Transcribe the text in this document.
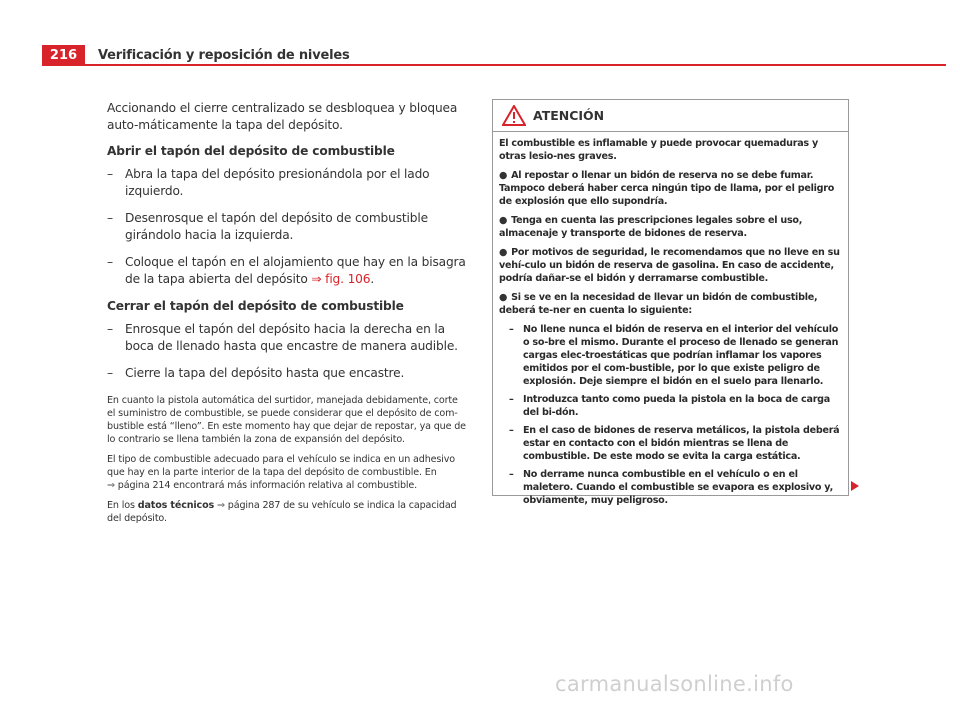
216	Verificación y reposición de niveles

Accionando el cierre centralizado se desbloquea y bloquea auto-máticamente la tapa del depósito.

Abrir el tapón del depósito de combustible

– Abra la tapa del depósito presionándola por el lado izquierdo.
– Desenrosque el tapón del depósito de combustible girándolo hacia la izquierda.
– Coloque el tapón en el alojamiento que hay en la bisagra de la tapa abierta del depósito ⇒ fig. 106.

Cerrar el tapón del depósito de combustible

– Enrosque el tapón del depósito hacia la derecha en la boca de llenado hasta que encastre de manera audible.
– Cierre la tapa del depósito hasta que encastre.

En cuanto la pistola automática del surtidor, manejada debidamente, corte el suministro de combustible, se puede considerar que el depósito de com-bustible está “lleno”. En este momento hay que dejar de repostar, ya que de lo contrario se llena también la zona de expansión del depósito.

El tipo de combustible adecuado para el vehículo se indica en un adhesivo que hay en la parte interior de la tapa del depósito de combustible. En
⇒ página 214 encontrará más información relativa al combustible.

En los datos técnicos ⇒ página 287 de su vehículo se indica la capacidad del depósito.

ATENCIÓN

El combustible es inflamable y puede provocar quemaduras y otras lesio-nes graves.

● Al repostar o llenar un bidón de reserva no se debe fumar. Tampoco deberá haber cerca ningún tipo de llama, por el peligro de explosión que ello supondría.

● Tenga en cuenta las prescripciones legales sobre el uso, almacenaje y transporte de bidones de reserva.

● Por motivos de seguridad, le recomendamos que no lleve en su vehí-culo un bidón de reserva de gasolina. En caso de accidente, podría dañar-se el bidón y derramarse combustible.

● Si se ve en la necesidad de llevar un bidón de combustible, deberá te-ner en cuenta lo siguiente:

– No llene nunca el bidón de reserva en el interior del vehículo o so-bre el mismo. Durante el proceso de llenado se generan cargas elec-troestáticas que podrían inflamar los vapores emitidos por el com-bustible, por lo que existe peligro de explosión. Deje siempre el bidón en el suelo para llenarlo.
– Introduzca tanto como pueda la pistola en la boca de carga del bi-dón.
– En el caso de bidones de reserva metálicos, la pistola deberá estar en contacto con el bidón mientras se llena de combustible. De este modo se evita la carga estática.
– No derrame nunca combustible en el vehículo o en el maletero. Cuando el combustible se evapora es explosivo y, obviamente, muy peligroso.
carmanualsonline.info
